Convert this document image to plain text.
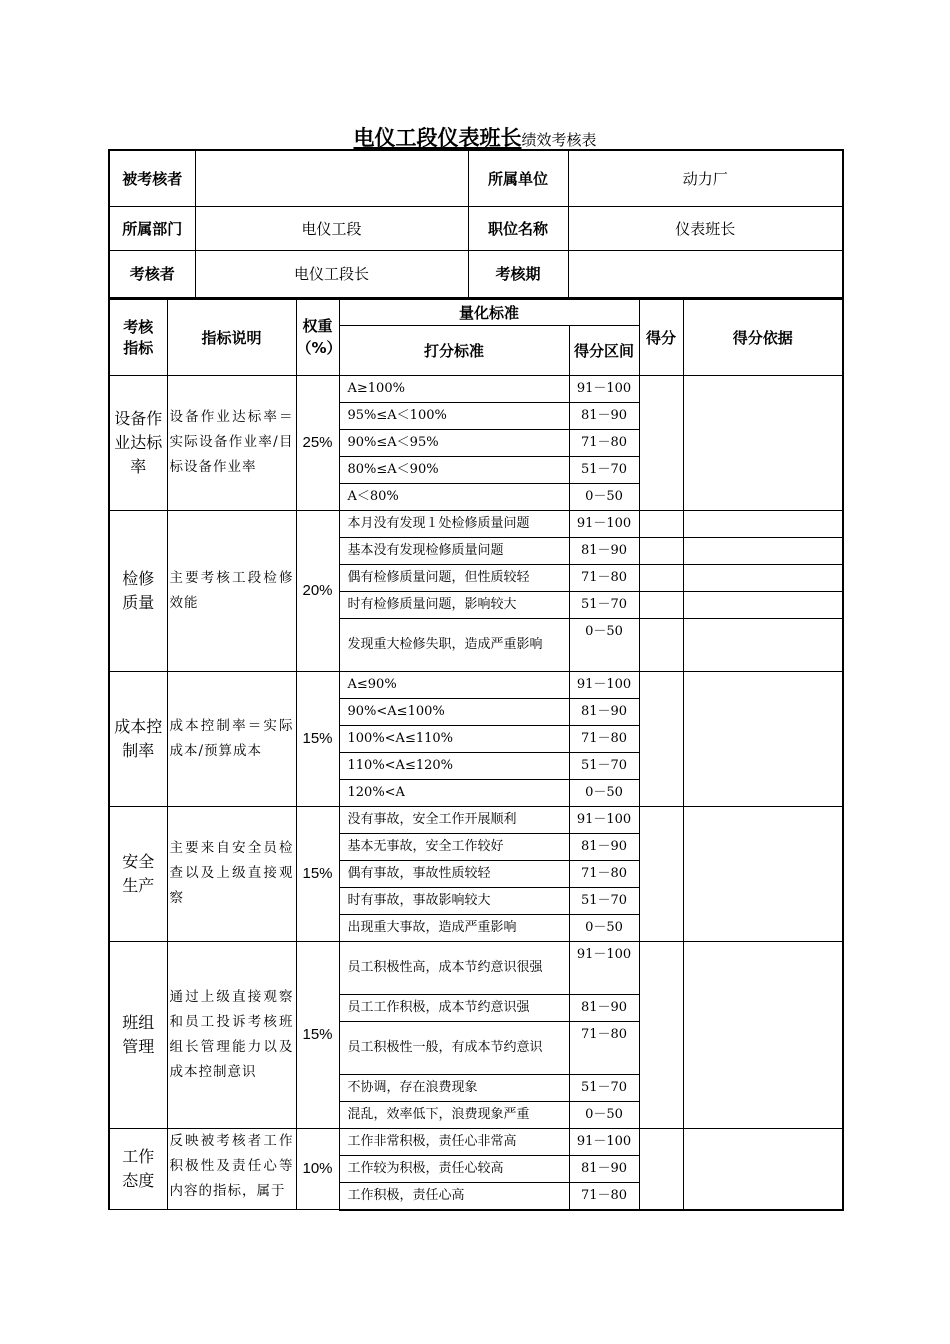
电仪工段仪表班长绩效考核表
被考核者		所属单位	动力厂
所属部门	电仪工段	职位名称	仪表班长
考核者	电仪工段长	考核期	
考核指标	指标说明	权重（%）	量化标准		得分	得分依据
			打分标准	得分区间		
设备作业达标率	设备作业达标率＝实际设备作业率/目标设备作业率	25%	A≥100%	91－100		
			95%≤A＜100%	81－90		
			90%≤A＜95%	71－80		
			80%≤A＜90%	51－70		
			A＜80%	0－50		
检修质量	主要考核工段检修效能	20%	本月没有发现１处检修质量问题	91－100		
			基本没有发现检修质量问题	81－90		
			偶有检修质量问题，但性质较轻	71－80		
			时有检修质量问题，影响较大	51－70		
			发现重大检修失职，造成严重影响	0－50		
成本控制率	成本控制率＝实际成本/预算成本	15%	A≤90%	91－100		
			90%<A≤100%	81－90		
			100%<A≤110%	71－80		
			110%<A≤120%	51－70		
			120%<A	0－50		
安全生产	主要来自安全员检查以及上级直接观察	15%	没有事故，安全工作开展顺利	91－100		
			基本无事故，安全工作较好	81－90		
			偶有事故，事故性质较轻	71－80		
			时有事故，事故影响较大	51－70		
			出现重大事故，造成严重影响	0－50		
班组管理	通过上级直接观察和员工投诉考核班组长管理能力以及成本控制意识	15%	员工积极性高，成本节约意识很强	91－100		
			员工工作积极，成本节约意识强	81－90		
			员工积极性一般，有成本节约意识	71－80		
			不协调，存在浪费现象	51－70		
			混乱，效率低下，浪费现象严重	0－50		
工作态度	反映被考核者工作积极性及责任心等内容的指标，属于	10%	工作非常积极，责任心非常高	91－100		
			工作较为积极，责任心较高	81－90		
			工作积极，责任心高	71－80		
